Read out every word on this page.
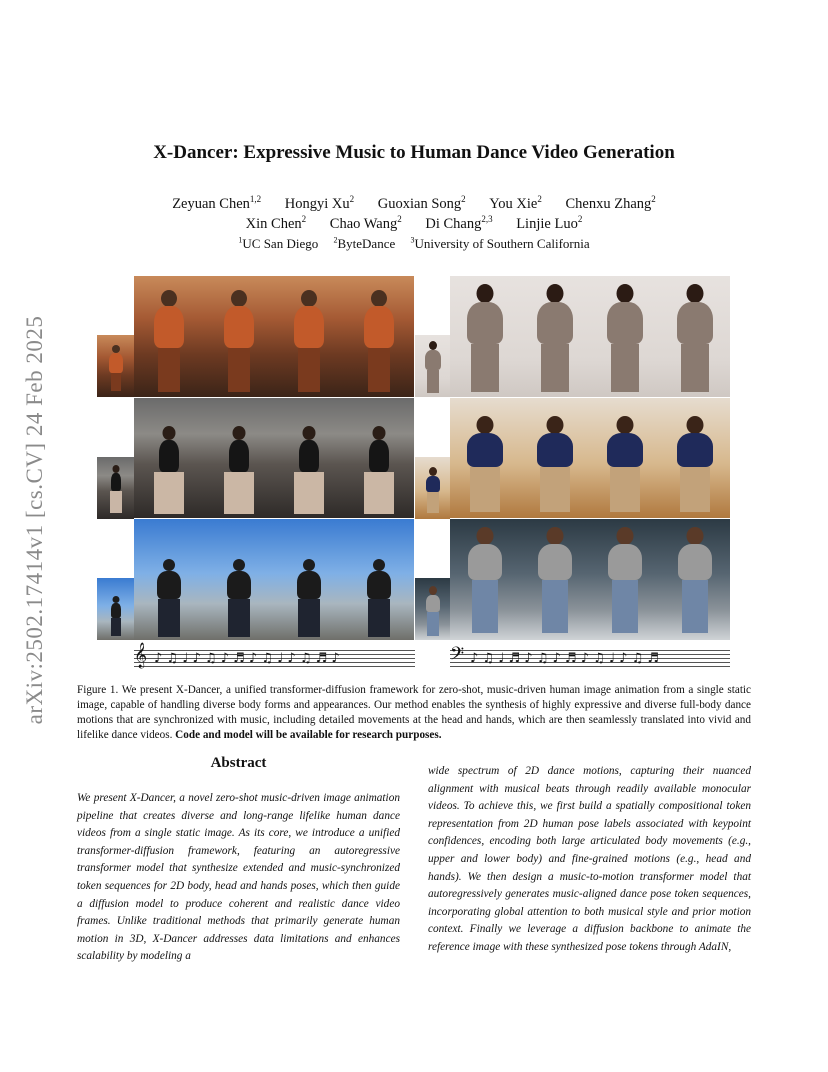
arXiv:2502.17414v1 [cs.CV] 24 Feb 2025
X-Dancer: Expressive Music to Human Dance Video Generation
Zeyuan Chen$^{1,2}$ Hongyi Xu$^2$ Guoxian Song$^2$ You Xie$^2$ Chenxu Zhang$^2$
Xin Chen$^2$ Chao Wang$^2$ Di Chang$^{2,3}$ Linjie Luo$^2$
$^1$UC San Diego $^2$ByteDance $^3$University of Southern California
𝄞 ♪ ♫ ♩ ♪ ♫ ♪ ♬ ♪ ♫ ♩ ♪ ♫ ♬ ♪	𝄢 ♪ ♫ ♩ ♬ ♪ ♫ ♪ ♬ ♪ ♫ ♩ ♪ ♫ ♬
Figure 1. We present X-Dancer, a unified transformer-diffusion framework for zero-shot, music-driven human image animation from a single static image, capable of handling diverse body forms and appearances. Our method enables the synthesis of highly expressive and diverse full-body dance motions that are synchronized with music, including detailed movements at the head and hands, which are then seamlessly translated into vivid and lifelike dance videos. Code and model will be available for research purposes.
Abstract
We present X-Dancer, a novel zero-shot music-driven image animation pipeline that creates diverse and long-range lifelike human dance videos from a single static image. As its core, we introduce a unified transformer-diffusion framework, featuring an autoregressive transformer model that synthesize extended and music-synchronized token sequences for 2D body, head and hands poses, which then guide a diffusion model to produce coherent and realistic dance video frames. Unlike traditional methods that primarily generate human motion in 3D, X-Dancer addresses data limitations and enhances scalability by modeling a
wide spectrum of 2D dance motions, capturing their nuanced alignment with musical beats through readily available monocular videos. To achieve this, we first build a spatially compositional token representation from 2D human pose labels associated with keypoint confidences, encoding both large articulated body movements (e.g., upper and lower body) and fine-grained motions (e.g., head and hands). We then design a music-to-motion transformer model that autoregressively generates music-aligned dance pose token sequences, incorporating global attention to both musical style and prior motion context. Finally we leverage a diffusion backbone to animate the reference image with these synthesized pose tokens through AdaIN,
